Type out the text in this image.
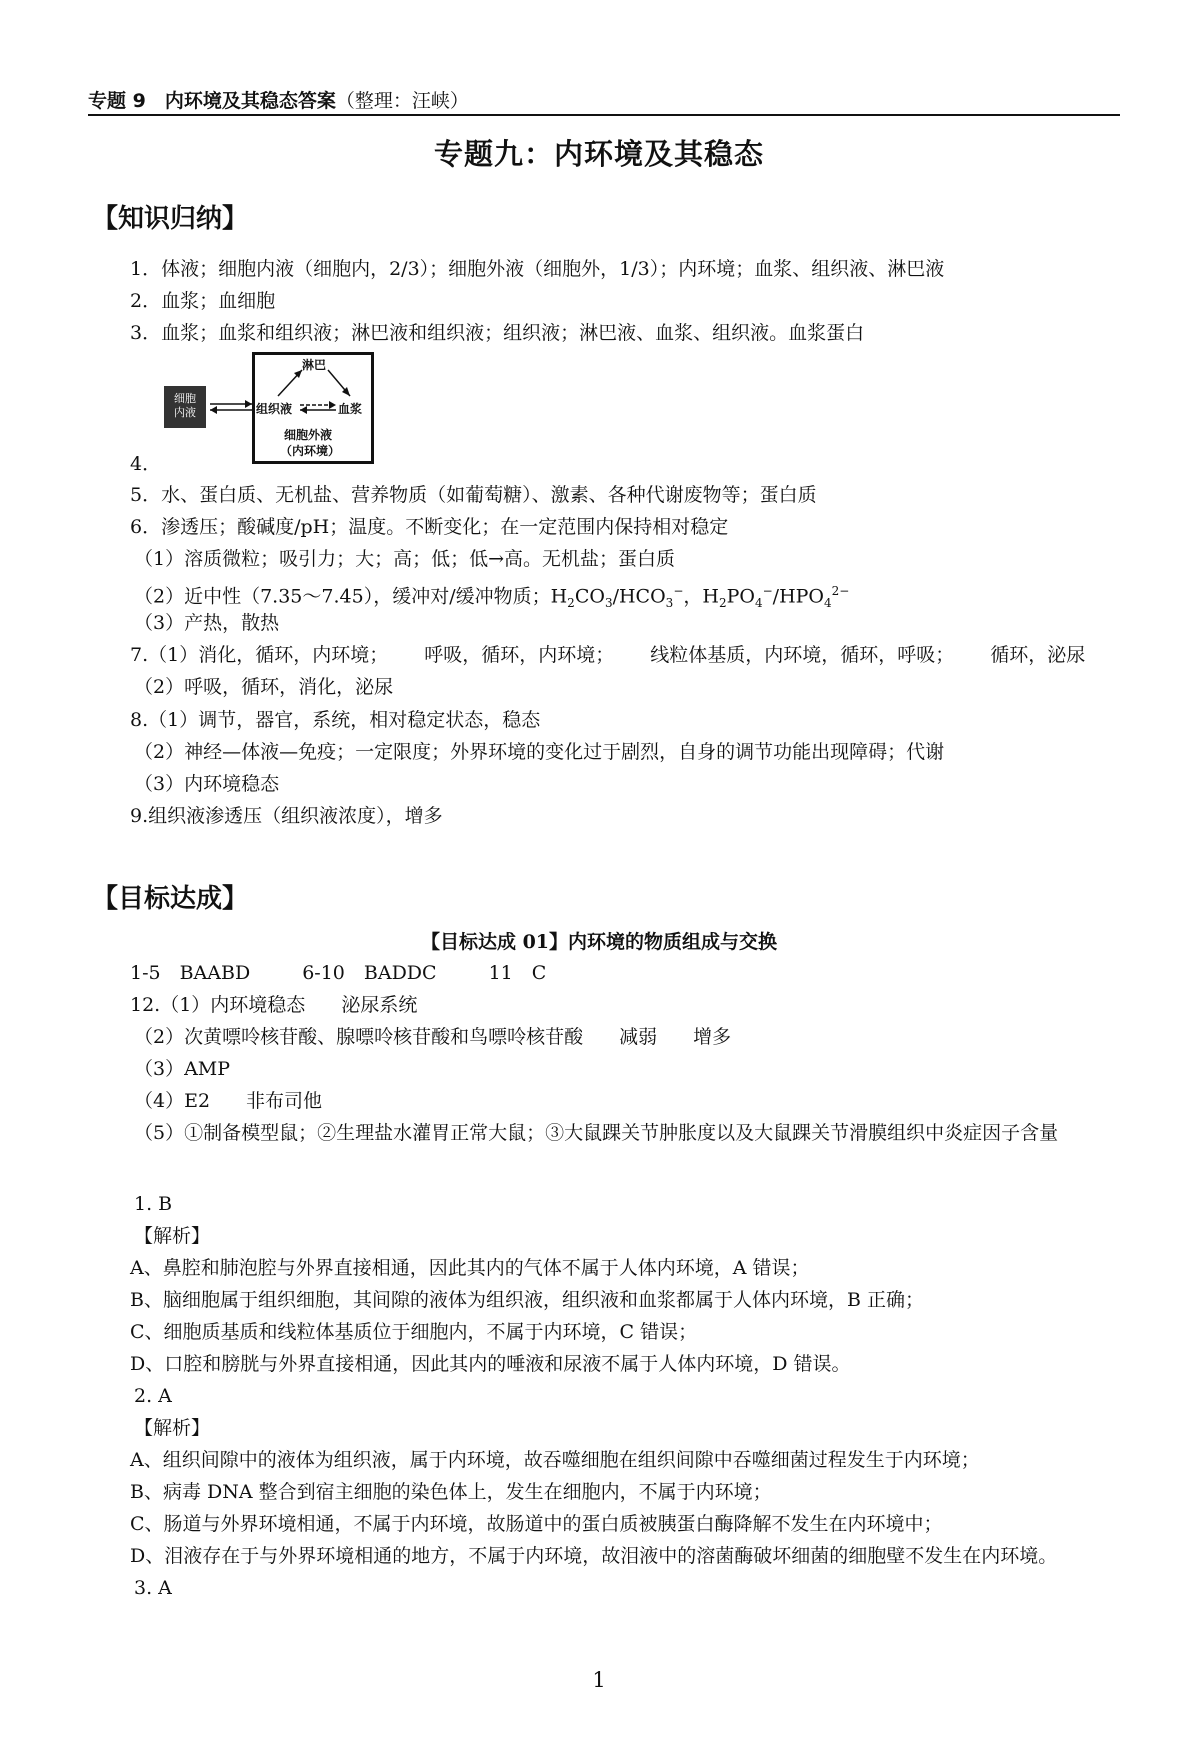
专题 9　内环境及其稳态答案（整理：汪峡）
专题九：内环境及其稳态
【知识归纳】
1．体液；细胞内液（细胞内，2/3）；细胞外液（细胞外，1/3）；内环境；血浆、组织液、淋巴液
2．血浆；血细胞
3．血浆；血浆和组织液；淋巴液和组织液；组织液；淋巴液、血浆、组织液。血浆蛋白
细胞内液
淋巴
组织液	血浆
细胞外液
（内环境）
4．
5．水、蛋白质、无机盐、营养物质（如葡萄糖）、激素、各种代谢废物等；蛋白质
6．渗透压；酸碱度/pH；温度。不断变化；在一定范围内保持相对稳定
（1）溶质微粒；吸引力；大；高；低；低→高。无机盐；蛋白质
（2）近中性（7.35～7.45），缓冲对/缓冲物质；$H_2CO_3/HCO_3^-$，$H_2PO_4^-/HPO_4^{2-}$
（3）产热，散热
7.（1）消化，循环，内环境； 呼吸，循环，内环境； 线粒体基质，内环境，循环，呼吸； 循环，泌尿
（2）呼吸，循环，消化，泌尿
8.（1）调节，器官，系统，相对稳定状态，稳态
（2）神经—体液—免疫；一定限度；外界环境的变化过于剧烈，自身的调节功能出现障碍；代谢
（3）内环境稳态
9.组织液渗透压（组织液浓度），增多
【目标达成】
【目标达成 01】内环境的物质组成与交换
1-5　BAABD	6-10　BADDC	11　C
12.（1）内环境稳态 泌尿系统
（2）次黄嘌呤核苷酸、腺嘌呤核苷酸和鸟嘌呤核苷酸 减弱 增多
（3）AMP
（4）E2 非布司他
（5）①制备模型鼠；②生理盐水灌胃正常大鼠；③大鼠踝关节肿胀度以及大鼠踝关节滑膜组织中炎症因子含量
1. B
【解析】
A、鼻腔和肺泡腔与外界直接相通，因此其内的气体不属于人体内环境，A 错误；
B、脑细胞属于组织细胞，其间隙的液体为组织液，组织液和血浆都属于人体内环境，B 正确；
C、细胞质基质和线粒体基质位于细胞内，不属于内环境，C 错误；
D、口腔和膀胱与外界直接相通，因此其内的唾液和尿液不属于人体内环境，D 错误。
2. A
【解析】
A、组织间隙中的液体为组织液，属于内环境，故吞噬细胞在组织间隙中吞噬细菌过程发生于内环境；
B、病毒 DNA 整合到宿主细胞的染色体上，发生在细胞内，不属于内环境；
C、肠道与外界环境相通，不属于内环境，故肠道中的蛋白质被胰蛋白酶降解不发生在内环境中；
D、泪液存在于与外界环境相通的地方，不属于内环境，故泪液中的溶菌酶破坏细菌的细胞壁不发生在内环境。
3. A
1
